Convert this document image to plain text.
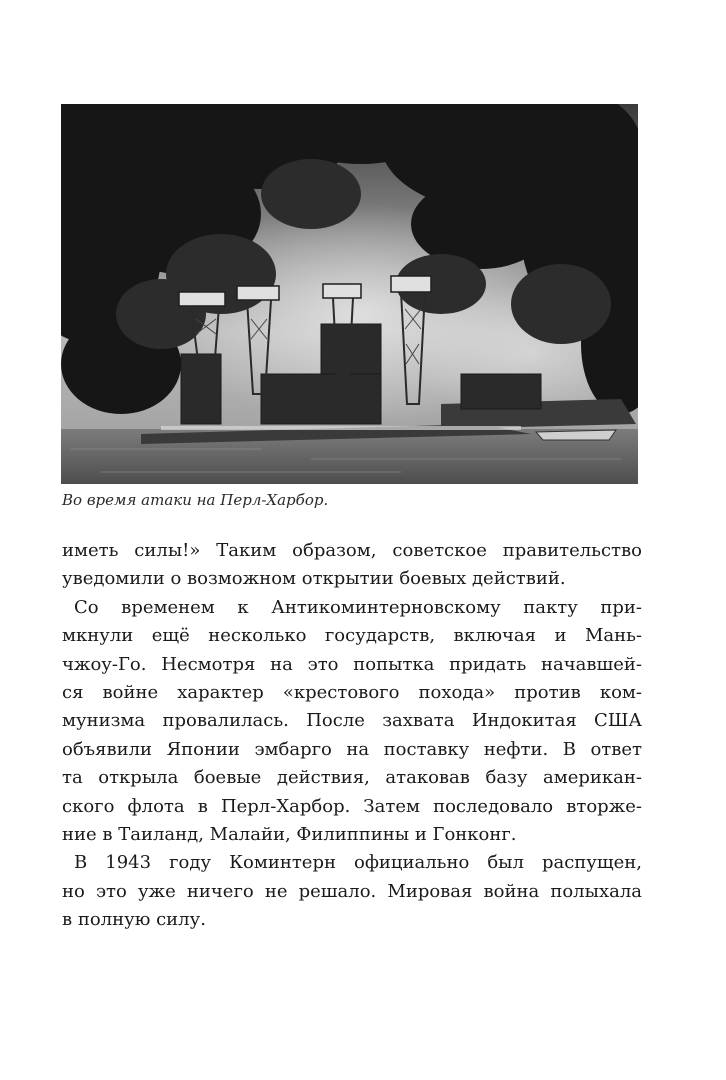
Во время атаки на Перл-Харбор.
иметь силы!» Таким образом, советское правительство
уведомили о возможном открытии боевых действий.
Со временем к Антикоминтерновскому пакту при-
мкнули ещё несколько государств, включая и Мань-
чжоу-Го. Несмотря на это попытка придать начавшей-
ся войне характер «крестового похода» против ком-
мунизма провалилась. После захвата Индокитая США
объявили Японии эмбарго на поставку нефти. В ответ
та открыла боевые действия, атаковав базу американ-
ского флота в Перл-Харбор. Затем последовало вторже-
ние в Таиланд, Малайи, Филиппины и Гонконг.
В 1943 году Коминтерн официально был распущен,
но это уже ничего не решало. Мировая война полыхала
в полную силу.
